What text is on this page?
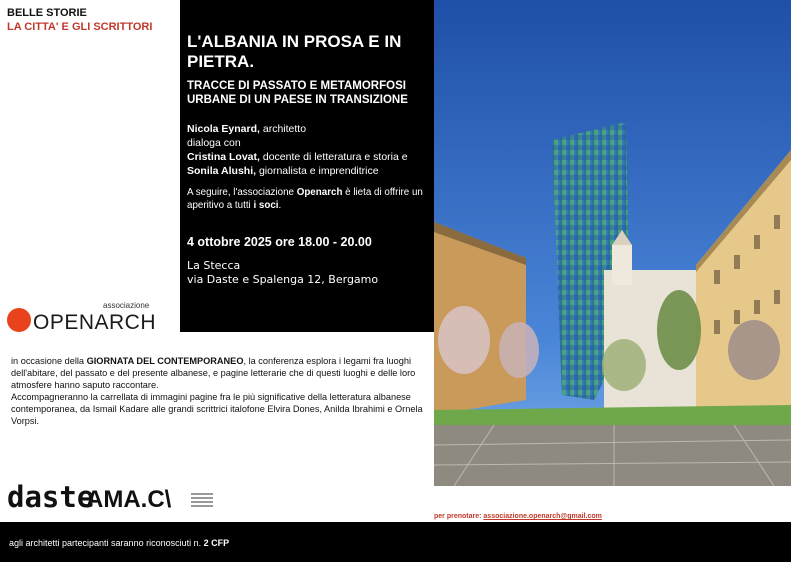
BELLE STORIE
LA CITTA' E GLI SCRITTORI
L'ALBANIA IN PROSA E IN PIETRA.
TRACCE DI PASSATO E METAMORFOSI URBANE DI UN PAESE IN TRANSIZIONE
Nicola Eynard, architetto
dialoga con
Cristina Lovat, docente di letteratura e storia e
Sonila Alushi, giornalista e imprenditrice
A seguire, l'associazione Openarch è lieta di offrire un aperitivo a tutti i soci.
4 ottobre 2025 ore 18.00 - 20.00
La Stecca
via Daste e Spalenga 12, Bergamo
associazione
OPENARCH

in occasione della GIORNATA DEL CONTEMPORANEO, la conferenza esplora i legami fra luoghi dell'abitare, del passato e del presente albanese, e pagine letterarie che di questi luoghi e delle loro atmosfere hanno saputo raccontare.

Accompagneranno la carrellata di immagini pagine fra le più significative della letteratura albanese contemporanea, da Ismail Kadare alle grandi scrittrici italofone Elvira Dones, Anilda Ibrahimi e Ornela Vorpsi.

daste
AMA.C\
per prenotare: associazione.openarch@gmail.com
agli architetti partecipanti saranno riconosciuti n. 2 CFP
